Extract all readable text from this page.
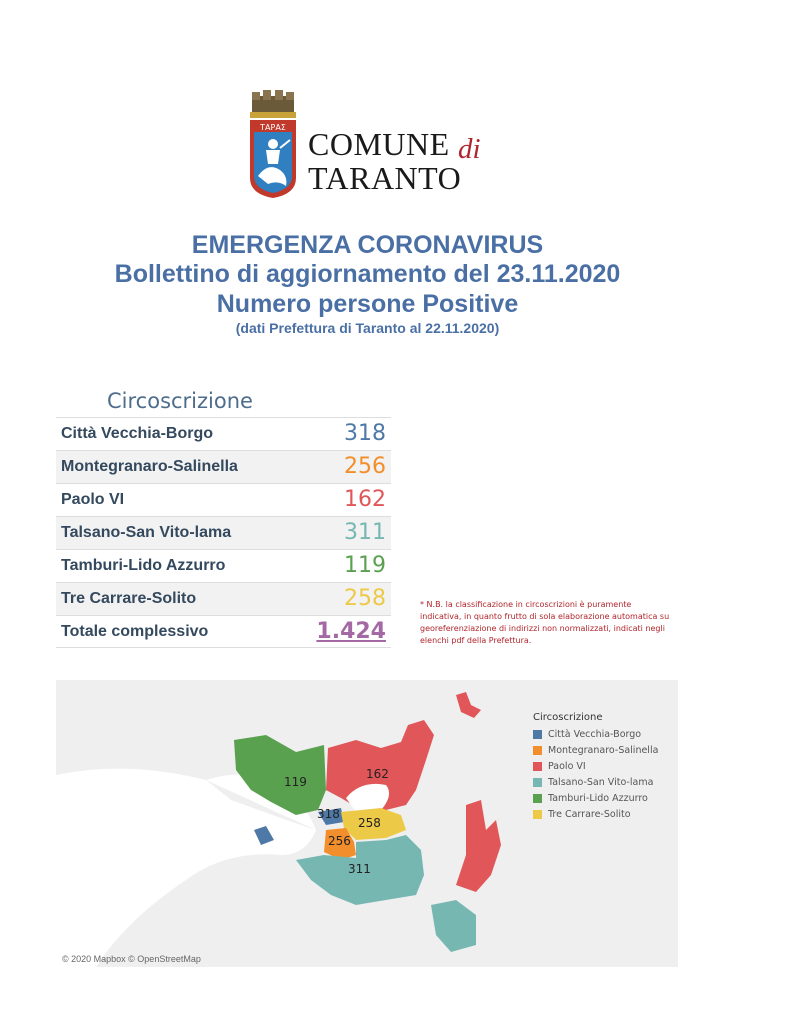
ΤΑΡΑΣ COMUNE di
TARANTO
EMERGENZA CORONAVIRUS
Bollettino di aggiornamento del 23.11.2020
Numero persone Positive
(dati Prefettura di Taranto al 22.11.2020)
Circoscrizione
Città Vecchia-Borgo	318
Montegranaro-Salinella	256
Paolo VI	162
Talsano-San Vito-lama	311
Tamburi-Lido Azzurro	119
Tre Carrare-Solito	258
Totale complessivo	1.424
* N.B. la classificazione in circoscrizioni è puramente indicativa, in quanto frutto di sola elaborazione automatica su georeferenziazione di indirizzi non normalizzati, indicati negli elenchi pdf della Prefettura.
119
162
318
258
256
311
Circoscrizione
Città Vecchia-Borgo
Montegranaro-Salinella
Paolo VI
Talsano-San Vito-lama
Tamburi-Lido Azzurro
Tre Carrare-Solito
© 2020 Mapbox © OpenStreetMap
